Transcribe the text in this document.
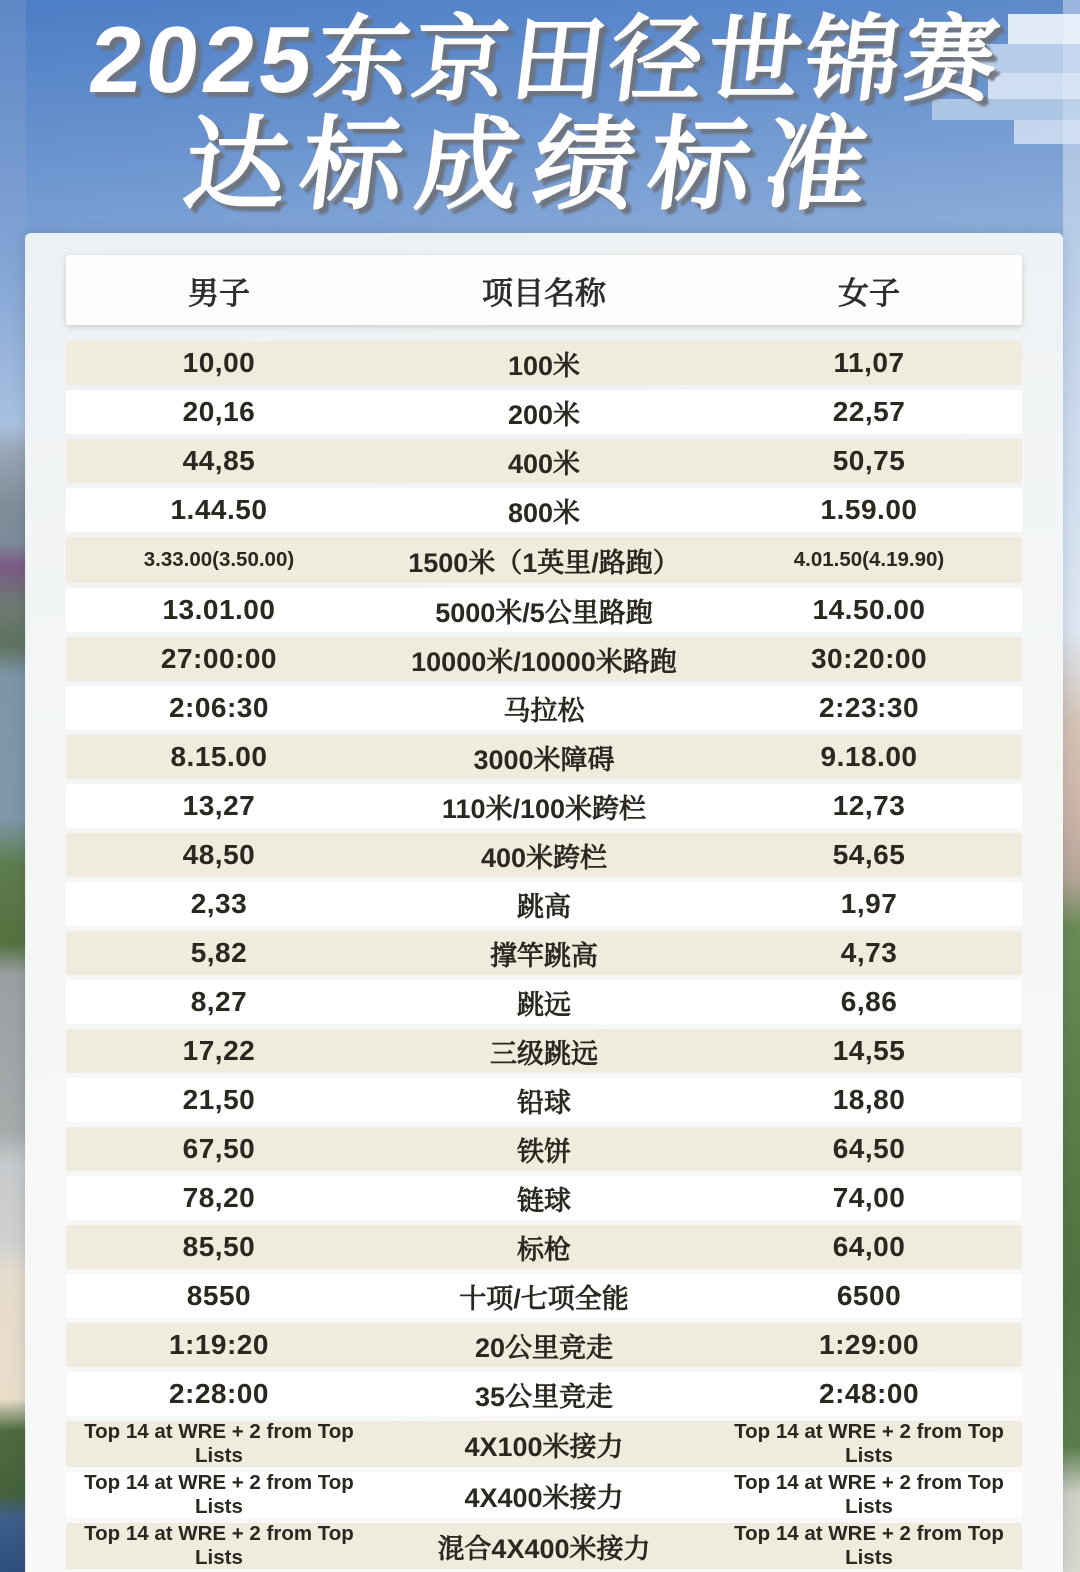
2025东京田径世锦赛
达标成绩标准
男子	项目名称	女子
10,00	100米	11,07
20,16	200米	22,57
44,85	400米	50,75
1.44.50	800米	1.59.00
3.33.00(3.50.00)	1500米（1英里/路跑）	4.01.50(4.19.90)
13.01.00	5000米/5公里路跑	14.50.00
27:00:00	10000米/10000米路跑	30:20:00
2:06:30	马拉松	2:23:30
8.15.00	3000米障碍	9.18.00
13,27	110米/100米跨栏	12,73
48,50	400米跨栏	54,65
2,33	跳高	1,97
5,82	撑竿跳高	4,73
8,27	跳远	6,86
17,22	三级跳远	14,55
21,50	铅球	18,80
67,50	铁饼	64,50
78,20	链球	74,00
85,50	标枪	64,00
8550	十项/七项全能	6500
1:19:20	20公里竞走	1:29:00
2:28:00	35公里竞走	2:48:00
Top 14 at WRE + 2 from Top Lists	4X100米接力	Top 14 at WRE + 2 from Top Lists
Top 14 at WRE + 2 from Top Lists	4X400米接力	Top 14 at WRE + 2 from Top Lists
Top 14 at WRE + 2 from Top Lists	混合4X400米接力	Top 14 at WRE + 2 from Top Lists
